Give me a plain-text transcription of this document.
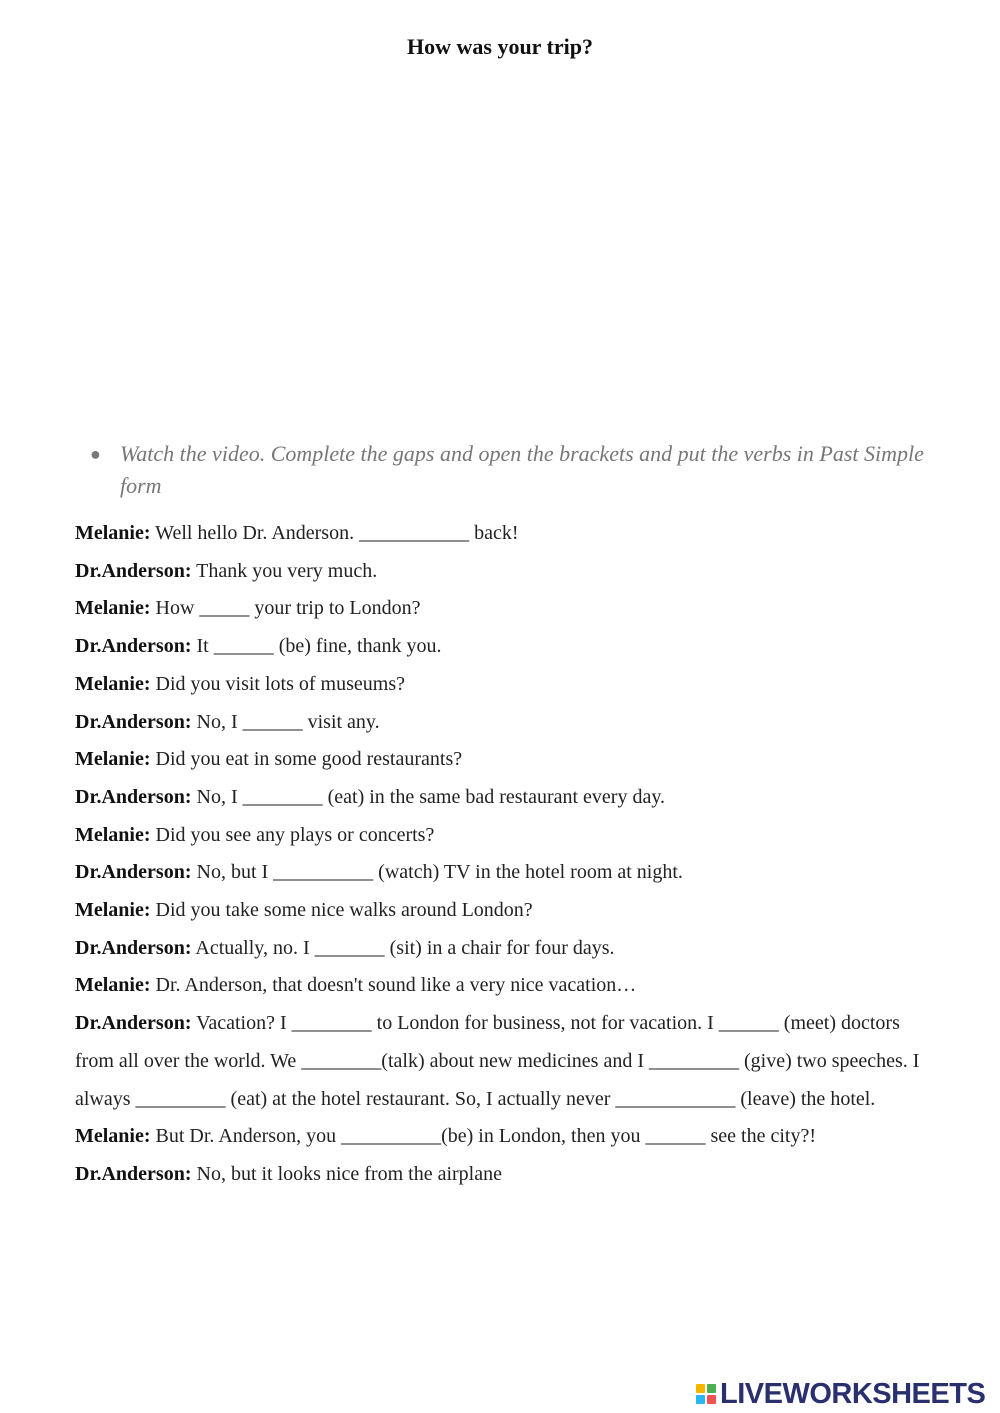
How was your trip?
● Watch the video. Complete the gaps and open the brackets and put the verbs in Past Simple form

Melanie: Well hello Dr. Anderson. ___________ back!

Dr.Anderson: Thank you very much.

Melanie: How _____ your trip to London?

Dr.Anderson: It ______ (be) fine, thank you.

Melanie: Did you visit lots of museums?

Dr.Anderson: No, I ______ visit any.

Melanie: Did you eat in some good restaurants?

Dr.Anderson: No, I ________ (eat) in the same bad restaurant every day.

Melanie: Did you see any plays or concerts?

Dr.Anderson: No, but I __________ (watch) TV in the hotel room at night.

Melanie: Did you take some nice walks around London?

Dr.Anderson: Actually, no. I _______ (sit) in a chair for four days.

Melanie: Dr. Anderson, that doesn't sound like a very nice vacation…

Dr.Anderson: Vacation? I ________ to London for business, not for vacation. I ______ (meet) doctors from all over the world. We ________(talk) about new medicines and I _________ (give) two speeches. I always _________ (eat) at the hotel restaurant. So, I actually never ____________ (leave) the hotel.

Melanie: But Dr. Anderson, you __________(be) in London, then you ______ see the city?!

Dr.Anderson: No, but it looks nice from the airplane

LIVEWORKSHEETS
